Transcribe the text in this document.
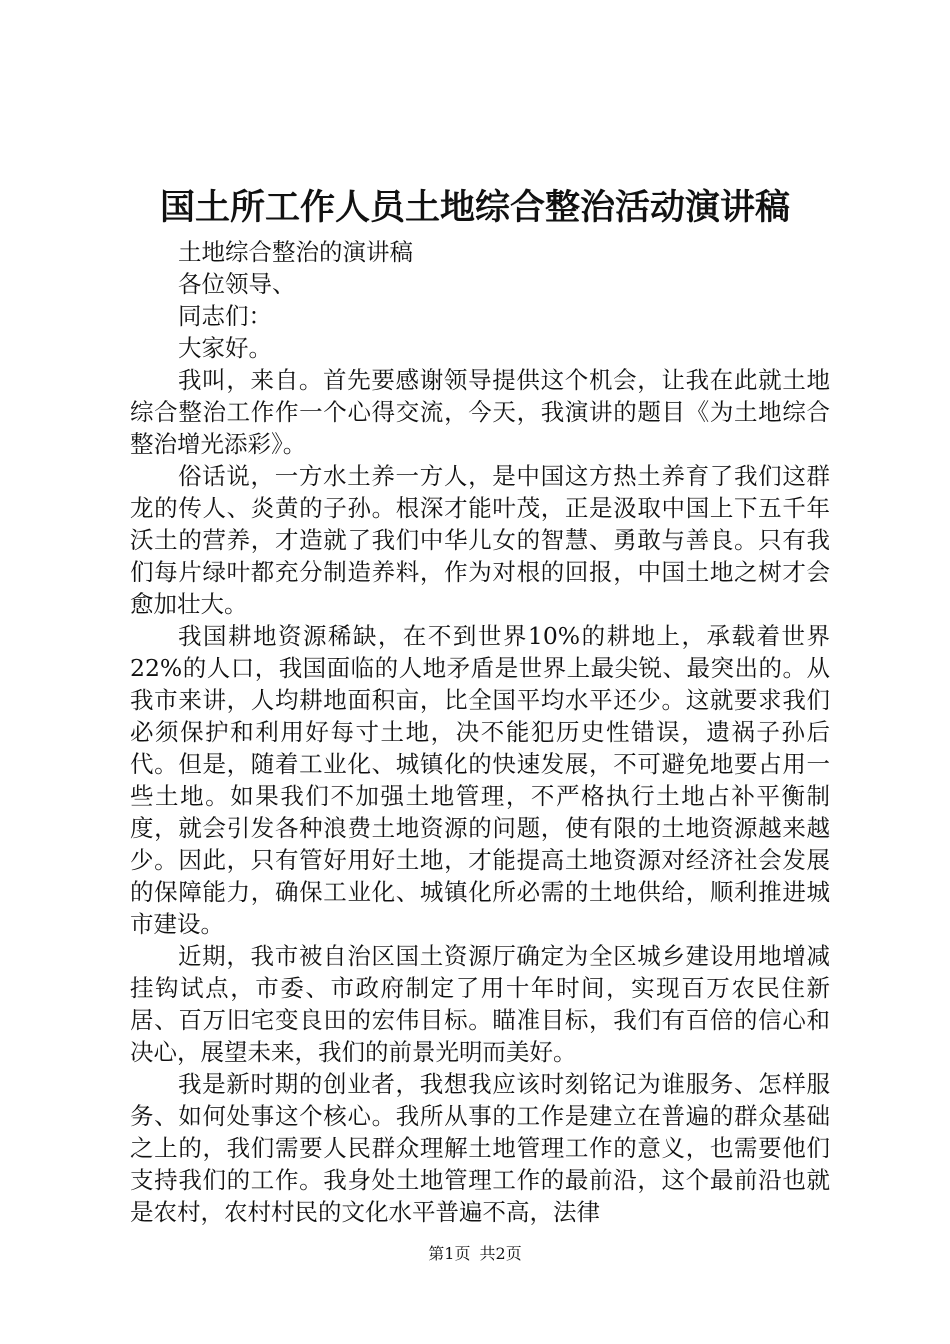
国土所工作人员土地综合整治活动演讲稿

土地综合整治的演讲稿

各位领导、

同志们：

大家好。

我叫，来自。首先要感谢领导提供这个机会，让我在此就土地综合整治工作作一个心得交流，今天，我演讲的题目《为土地综合整治增光添彩》。

俗话说，一方水土养一方人，是中国这方热土养育了我们这群龙的传人、炎黄的子孙。根深才能叶茂，正是汲取中国上下五千年沃土的营养，才造就了我们中华儿女的智慧、勇敢与善良。只有我们每片绿叶都充分制造养料，作为对根的回报，中国土地之树才会愈加壮大。

我国耕地资源稀缺，在不到世界10%的耕地上，承载着世界22%的人口，我国面临的人地矛盾是世界上最尖锐、最突出的。从我市来讲，人均耕地面积亩，比全国平均水平还少。这就要求我们必须保护和利用好每寸土地，决不能犯历史性错误，遗祸子孙后代。但是，随着工业化、城镇化的快速发展，不可避免地要占用一些土地。如果我们不加强土地管理，不严格执行土地占补平衡制度，就会引发各种浪费土地资源的问题，使有限的土地资源越来越少。因此，只有管好用好土地，才能提高土地资源对经济社会发展的保障能力，确保工业化、城镇化所必需的土地供给，顺利推进城市建设。

近期，我市被自治区国土资源厅确定为全区城乡建设用地增减挂钩试点，市委、市政府制定了用十年时间，实现百万农民住新居、百万旧宅变良田的宏伟目标。瞄准目标，我们有百倍的信心和决心，展望未来，我们的前景光明而美好。

我是新时期的创业者，我想我应该时刻铭记为谁服务、怎样服务、如何处事这个核心。我所从事的工作是建立在普遍的群众基础之上的，我们需要人民群众理解土地管理工作的意义，也需要他们支持我们的工作。我身处土地管理工作的最前沿，这个最前沿也就是农村，农村村民的文化水平普遍不高，法律

第1页 共2页
